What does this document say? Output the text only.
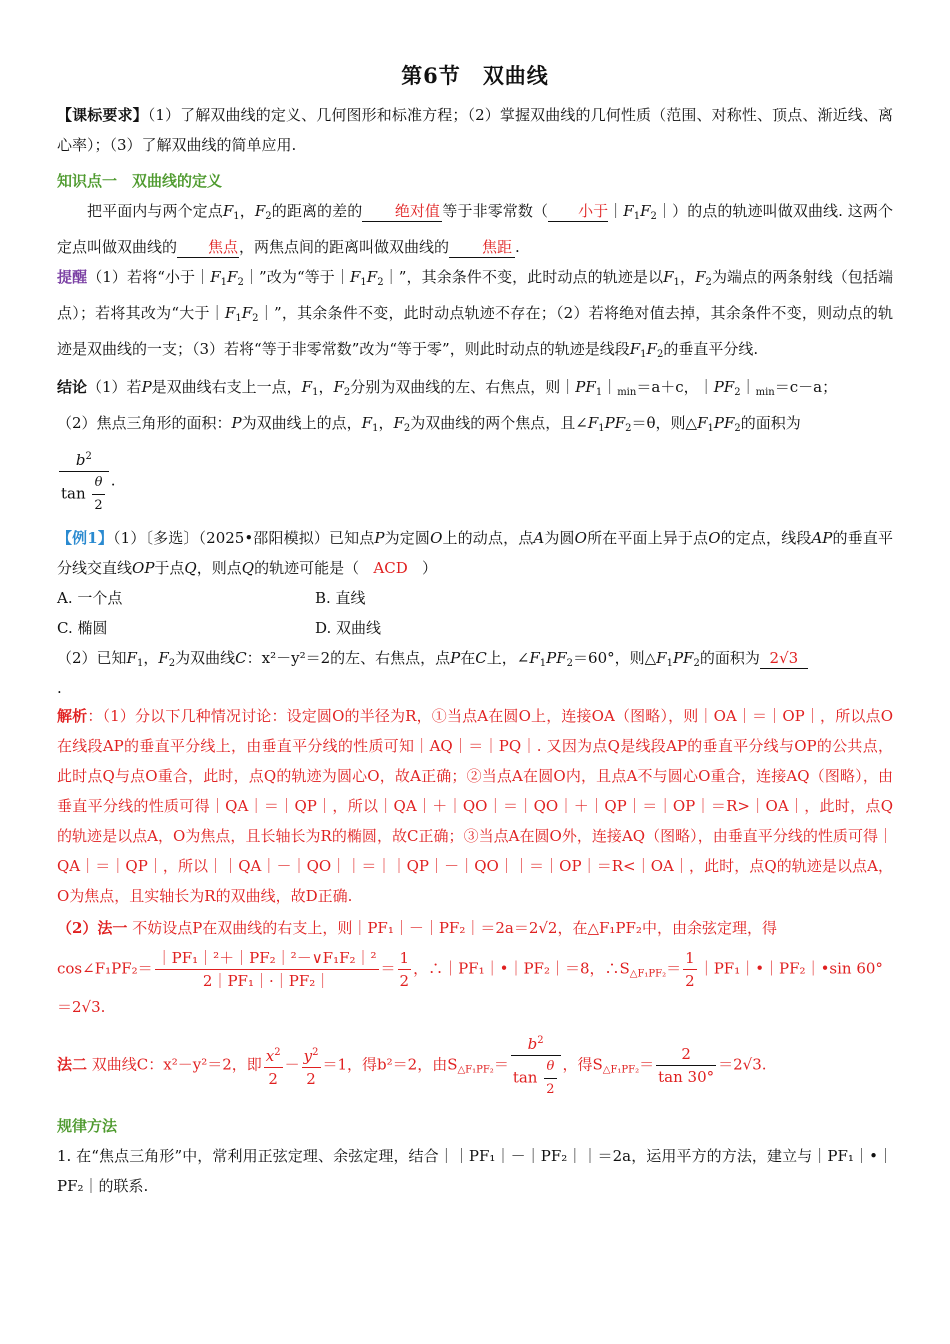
第6节 双曲线

【课标要求】（1）了解双曲线的定义、几何图形和标准方程；（2）掌握双曲线的几何性质（范围、对称性、顶点、渐近线、离心率）；（3）了解双曲线的简单应用.

知识点一　双曲线的定义

把平面内与两个定点$F_1$，$F_2$的距离的差的 绝对值 等于非零常数（ 小于$|F_1F_2|$）的点的轨迹叫做双曲线. 这两个定点叫做双曲线的 焦点，两焦点间的距离叫做双曲线的 焦距 .

提醒（1）若将“小于$|F_1F_2|$”改为“等于$|F_1F_2|$”，其余条件不变，此时动点的轨迹是以$F_1$，$F_2$为端点的两条射线（包括端点）；若将其改为“大于$|F_1F_2|$”，其余条件不变，此时动点轨迹不存在；（2）若将绝对值去掉，其余条件不变，则动点的轨迹是双曲线的一支；（3）若将“等于非零常数”改为“等于零”，则此时动点的轨迹是线段$F_1F_2$的垂直平分线.

结论（1）若P是双曲线右支上一点，$F_1$，$F_2$分别为双曲线的左、右焦点，则$|PF_1|_{min}=a+c$，$|PF_2|_{min}=c-a$；

（2）焦点三角形的面积：P为双曲线上的点，$F_1$，$F_2$为双曲线的两个焦点，且$\angle F_1PF_2=\theta$，则$\triangle F_1PF_2$的面积为

$\frac{b^2}{\tan \frac{\theta}{2}}$ .

【例1】（1）〔多选〕（2025•邵阳模拟）已知点P为定圆O上的动点，点A为圆O所在平面上异于点O的定点，线段AP的垂直平分线交直线OP于点Q，则点Q的轨迹可能是（ ACD ）

A. 一个点	B. 直线
C. 椭圆	D. 双曲线

（2）已知$F_1$，$F_2$为双曲线C：x²－y²＝2的左、右焦点，点P在C上，$\angle F_1PF_2=60^\circ$，则$\triangle F_1PF_2$的面积为 2√3

.

解析：（1）分以下几种情况讨论：设定圆O的半径为R，①当点A在圆O上，连接OA（图略），则｜OA｜＝｜OP｜，所以点O在线段AP的垂直平分线上，由垂直平分线的性质可知｜AQ｜＝｜PQ｜. 又因为点Q是线段AP的垂直平分线与OP的公共点，此时点Q与点O重合，此时，点Q的轨迹为圆心O，故A正确；②当点A在圆O内，且点A不与圆心O重合，连接AQ（图略），由垂直平分线的性质可得｜QA｜＝｜QP｜，所以｜QA｜＋｜QO｜＝｜QO｜＋｜QP｜＝｜OP｜＝R>｜OA｜，此时，点Q的轨迹是以点A，O为焦点，且长轴长为R的椭圆，故C正确；③当点A在圆O外，连接AQ（图略），由垂直平分线的性质可得｜QA｜＝｜QP｜，所以｜｜QA｜－｜QO｜｜＝｜｜QP｜－｜QO｜｜＝｜OP｜＝R<｜OA｜，此时，点Q的轨迹是以点A，O为焦点，且实轴长为R的双曲线，故D正确.

（2）法一 不妨设点P在双曲线的右支上，则｜PF₁｜－｜PF₂｜＝2a＝2√2，在△F₁PF₂中，由余弦定理，得

cos∠F₁PF₂＝ $\frac{\text{｜PF₁｜²＋｜PF₂｜²－∨F₁F₂｜²}}{\text{2｜PF₁｜·｜PF₂｜}} = \frac{1}{2}$ ，∴｜PF₁｜•｜PF₂｜＝8，$\therefore S_{\triangle F_1PF_2}= \frac{1}{2}$ ｜PF₁｜•｜PF₂｜•sin 60°＝2√3.
法二 双曲线C：x²－y²＝2，即 $\frac{x^2}{2} - \frac{y^2}{2} =1$，得b²＝2，由$S_{\triangle F_1PF_2}= \frac{b^2}{\tan \frac{\theta}{2}}$ ，得$S_{\triangle F_1PF_2}= \frac{2}{\tan 30^\circ} =2√3$.

规律方法

1. 在“焦点三角形”中，常利用正弦定理、余弦定理，结合｜｜PF₁｜－｜PF₂｜｜＝2a，运用平方的方法，建立与｜PF₁｜•｜PF₂｜的联系.
